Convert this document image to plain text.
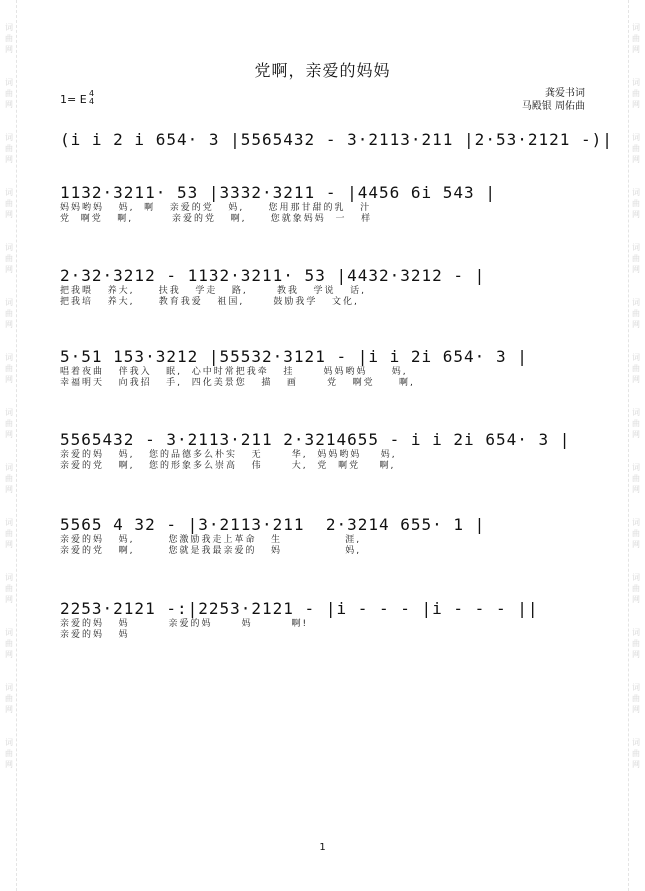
词
曲
网
词
曲
网
词
曲
网
词
曲
网
词
曲
网
词
曲
网
词
曲
网
词
曲
网
词
曲
网
词
曲
网
词
曲
网
词
曲
网
词
曲
网
词
曲
网
词
曲
网
词
曲
网
词
曲
网
词
曲
网
词
曲
网
词
曲
网
词
曲
网
词
曲
网
词
曲
网
词
曲
网
词
曲
网
词
曲
网
词
曲
网
词
曲
网
党啊，亲爱的妈妈
1= E 4
4
龚爱书词
马殿银 周佑曲
(i i 2 i 654· 3 |5565432 - 3·2113·211 |2·53·2121 -)|
1132·3211· 53 |3332·3211 - |4456 6i 543 |
妈妈哟妈   妈,  啊   亲爱的党   妈,     您用那甘甜的乳   汁
党  啊党   啊,        亲爱的党   啊,     您就象妈妈  一   样
2·32·3212 - 1132·3211· 53 |4432·3212 - |
把我喂   养大,     扶我   学走   路,      教我   学说   话,
把我培   养大,     教育我爱   祖国,      鼓励我学   文化,
5·51 153·3212 |55532·3121 - |i i 2i 654· 3 |
唱着夜曲   伴我入   眠,  心中时常把我牵   挂      妈妈哟妈     妈,
幸福明天   向我招   手,  四化美景您   描   画      党   啊党     啊,
5565432 - 3·2113·211 2·3214655 - i i 2i 654· 3 |
亲爱的妈   妈,   您的品德多么朴实   无      华,  妈妈哟妈    妈,
亲爱的党   啊,   您的形象多么崇高   伟      大,  党  啊党    啊,
5565 4 32 - |3·2113·211  2·3214 655· 1 |
亲爱的妈   妈,       您激励我走上革命   生             涯,
亲爱的党   啊,       您就是我最亲爱的   妈             妈,
2253·2121 -:|2253·2121 - |i - - - |i - - - ||
亲爱的妈   妈        亲爱的妈      妈        啊!
亲爱的妈   妈
1
